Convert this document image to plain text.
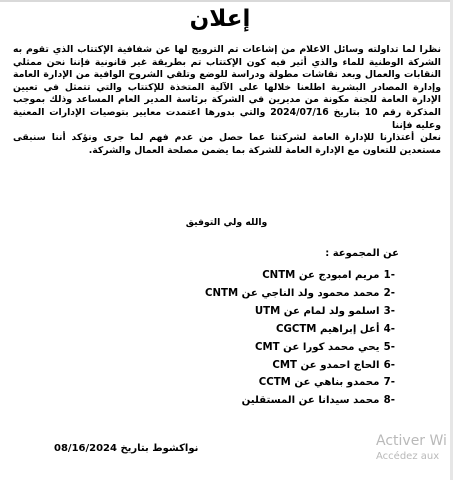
إعلان
نظرا لما تداولته وسائل الاعلام من إشاعات تم الترويج لها عن شفافية الإكتتاب الذي تقوم به الشركة الوطنية للماء والذي أثير فيه كون الإكتتاب تم بطريقة غير قانونية فإننا نحن ممثلي النقابات والعمال وبعد نقاشات مطولة ودراسة للوضع وتلقي الشروح الوافية من الإدارة العامة وإدارة المصادر البشرية اطلعنا خلالها على الآلية المتخذة للإكتتاب والتي تتمثل في تعيين الإدارة العامة للجنة مكونة من مديرين في الشركة برئاسة المدير العام المساعد وذلك بموجب المذكرة رقم 10 بتاريخ 2024/07/16 والتي بدورها اعتمدت معايير بتوصيات الإدارات المعنية وعليه فإننا
نعلن أعتذارنا للإدارة العامة لشركتنا عما حصل من عدم فهم لما جرى ونؤكد أننا سنبقى مستعدين للتعاون مع الإدارة العامة للشركة بما يضمن مصلحة العمال والشركة.
والله ولي التوفيق
عن المجموعة :
-1 مريم امبودج عن CNTM
-2 محمد محمود ولد الناجي عن CNTM
-3 اسلمو ولد لمام عن UTM
-4 أعل إبراهيم CGCTM
-5 يحي محمد كورا عن CMT
-6 الحاج احمدو عن CMT
-7 محمدو بناهي عن CCTM
-8 محمد سيدانا عن المستقلين
نواكشوط بتاريخ 08/16/2024	Activer Wi
Accédez aux
